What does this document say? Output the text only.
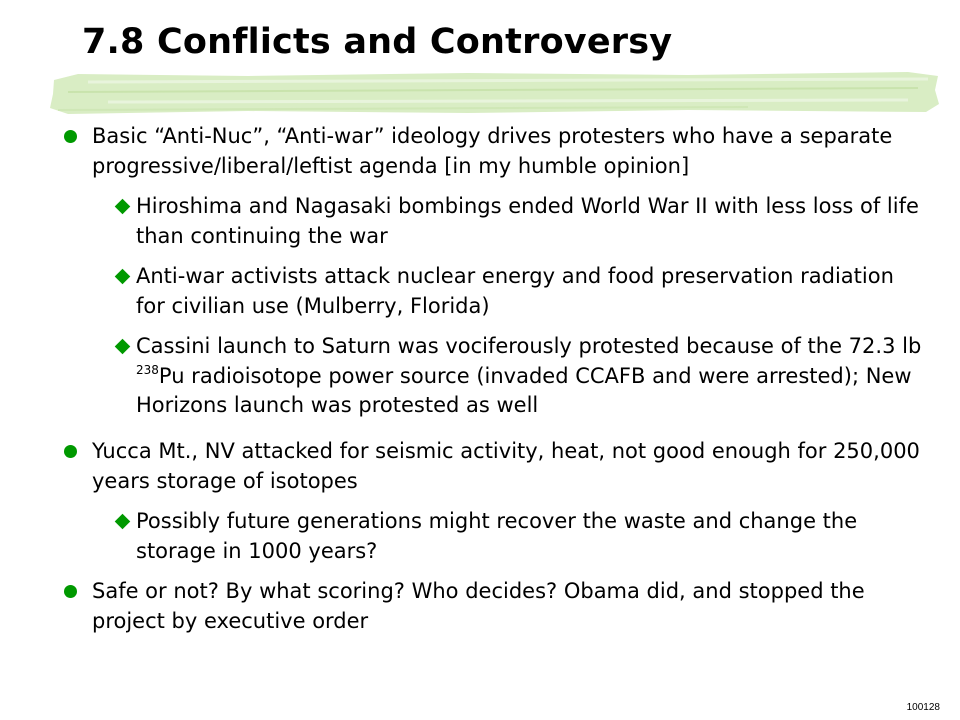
7.8 Conflicts and Controversy
Basic “Anti-Nuc”, “Anti-war” ideology drives protesters who have a separate progressive/liberal/leftist agenda [in my humble opinion]
Hiroshima and Nagasaki bombings ended World War II with less loss of life than continuing the war
Anti-war activists attack nuclear energy and food preservation radiation for civilian use (Mulberry, Florida)
Cassini launch to Saturn was vociferously protested because of the 72.3 lb $^{238}$Pu radioisotope power source (invaded CCAFB and were arrested); New Horizons launch was protested as well
Yucca Mt., NV attacked for seismic activity, heat, not good enough for 250,000 years storage of isotopes
Possibly future generations might recover the waste and change the storage in 1000 years?
Safe or not? By what scoring? Who decides? Obama did, and stopped the project by executive order
100128
